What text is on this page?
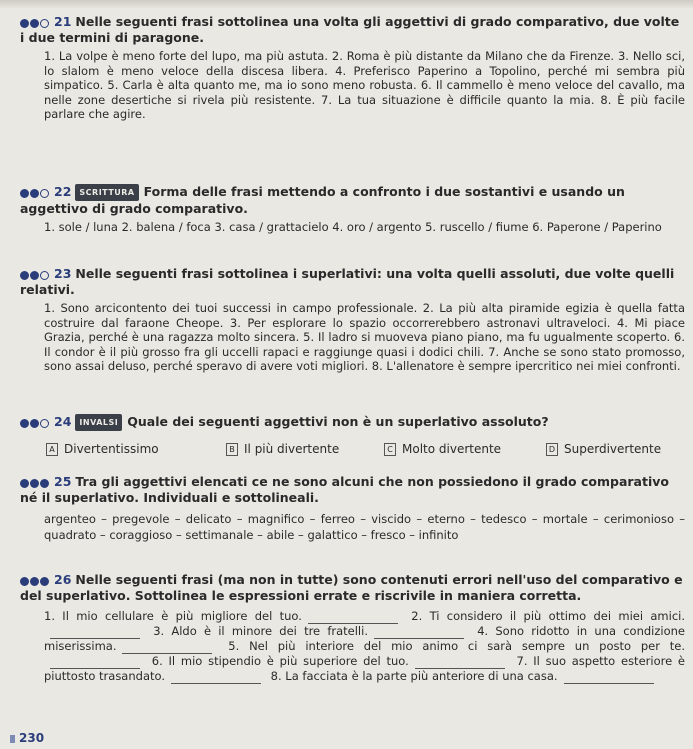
21 Nelle seguenti frasi sottolinea una volta gli aggettivi di grado comparativo, due volte i due termini di paragone.
1. La volpe è meno forte del lupo, ma più astuta. 2. Roma è più distante da Milano che da Firenze. 3. Nello sci, lo slalom è meno veloce della discesa libera. 4. Preferisco Paperino a Topolino, perché mi sembra più simpatico. 5. Carla è alta quanto me, ma io sono meno robusta. 6. Il cammello è meno veloce del cavallo, ma nelle zone desertiche si rivela più resistente. 7. La tua situazione è difficile quanto la mia. 8. È più facile parlare che agire.
22 SCRITTURA Forma delle frasi mettendo a confronto i due sostantivi e usando un aggettivo di grado comparativo.
1. sole / luna 2. balena / foca 3. casa / grattacielo 4. oro / argento 5. ruscello / fiume 6. Paperone / Paperino
23 Nelle seguenti frasi sottolinea i superlativi: una volta quelli assoluti, due volte quelli relativi.
1. Sono arcicontento dei tuoi successi in campo professionale. 2. La più alta piramide egizia è quella fatta costruire dal faraone Cheope. 3. Per esplorare lo spazio occorrerebbero astronavi ultraveloci. 4. Mi piace Grazia, perché è una ragazza molto sincera. 5. Il ladro si muoveva piano piano, ma fu ugualmente scoperto. 6. Il condor è il più grosso fra gli uccelli rapaci e raggiunge quasi i dodici chili. 7. Anche se sono stato promosso, sono assai deluso, perché speravo di avere voti migliori. 8. L'allenatore è sempre ipercritico nei miei confronti.
24 INVALSI Quale dei seguenti aggettivi non è un superlativo assoluto?
A Divertentissimo	B Il più divertente	C Molto divertente	D Superdivertente
25 Tra gli aggettivi elencati ce ne sono alcuni che non possiedono il grado comparativo né il superlativo. Individuali e sottolineali.
argenteo – pregevole – delicato – magnifico – ferreo – viscido – eterno – tedesco – mortale – cerimonioso – quadrato – coraggioso – settimanale – abile – galattico – fresco – infinito
26 Nelle seguenti frasi (ma non in tutte) sono contenuti errori nell'uso del comparativo e del superlativo. Sottolinea le espressioni errate e riscrivile in maniera corretta.
1. Il mio cellulare è più migliore del tuo.	2. Ti considero il più ottimo dei miei amici. 3. Aldo è il minore dei tre fratelli.	4. Sono ridotto in una condizione miserissima.	5. Nel più interiore del mio animo ci sarà sempre un posto per te. 6. Il mio stipendio è più superiore del tuo.	7. Il suo aspetto esteriore è piuttosto trasandato.	8. La facciata è la parte più anteriore di una casa.
230
